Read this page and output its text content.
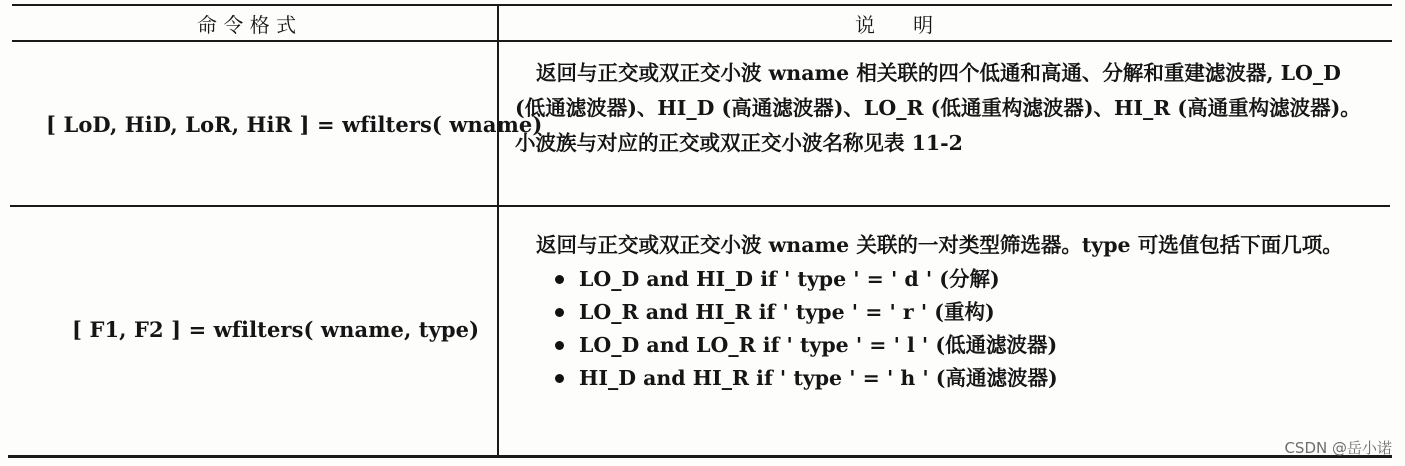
命 令 格 式	说      明
[ LoD, HiD, LoR, HiR ] = wfilters( wname)

返回与正交或双正交小波 wname 相关联的四个低通和高通、分解和重建滤波器, LO_D (低通滤波器)、HI_D (高通滤波器)、LO_R (低通重构滤波器)、HI_R (高通重构滤波器)。小波族与对应的正交或双正交小波名称见表 11-2

[ F1, F2 ] = wfilters( wname, type)

返回与正交或双正交小波 wname 关联的一对类型筛选器。type 可选值包括下面几项。

LO_D and HI_D if ' type ' = ' d ' (分解)
LO_R and HI_R if ' type ' = ' r ' (重构)
LO_D and LO_R if ' type ' = ' l ' (低通滤波器)
HI_D and HI_R if ' type ' = ' h ' (高通滤波器)
CSDN @岳小诺
